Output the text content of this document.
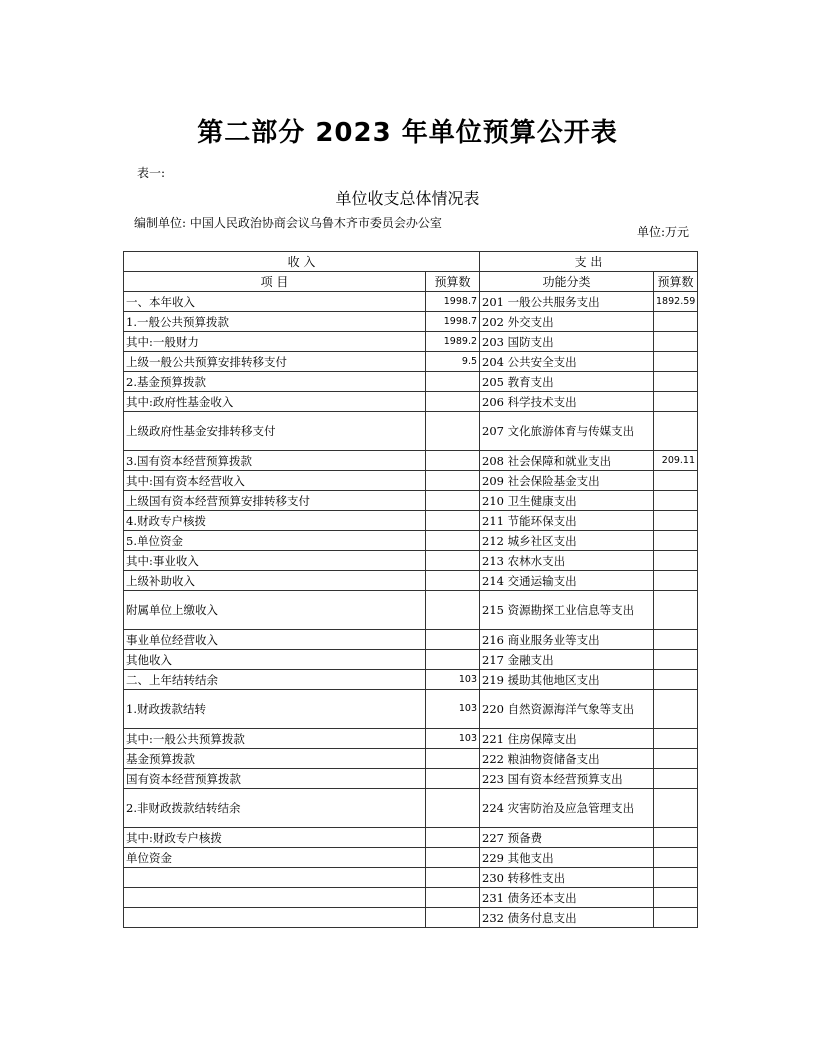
第二部分 2023 年单位预算公开表
表一:
单位收支总体情况表
编制单位: 中国人民政治协商会议乌鲁木齐市委员会办公室
单位:万元
收 入		支 出	
项 目	预算数	功能分类	预算数
一、本年收入	1998.7	201 一般公共服务支出	1892.59
1.一般公共预算拨款	1998.7	202 外交支出	
其中:一般财力	1989.2	203 国防支出	
上级一般公共预算安排转移支付	9.5	204 公共安全支出	
2.基金预算拨款		205 教育支出	
其中:政府性基金收入		206 科学技术支出	
上级政府性基金安排转移支付		207 文化旅游体育与传媒支出	
3.国有资本经营预算拨款		208 社会保障和就业支出	209.11
其中:国有资本经营收入		209 社会保险基金支出	
上级国有资本经营预算安排转移支付		210 卫生健康支出	
4.财政专户核拨		211 节能环保支出	
5.单位资金		212 城乡社区支出	
其中:事业收入		213 农林水支出	
上级补助收入		214 交通运输支出	
附属单位上缴收入		215 资源勘探工业信息等支出	
事业单位经营收入		216 商业服务业等支出	
其他收入		217 金融支出	
二、上年结转结余	103	219 援助其他地区支出	
1.财政拨款结转	103	220 自然资源海洋气象等支出	
其中:一般公共预算拨款	103	221 住房保障支出	
基金预算拨款		222 粮油物资储备支出	
国有资本经营预算拨款		223 国有资本经营预算支出	
2.非财政拨款结转结余		224 灾害防治及应急管理支出	
其中:财政专户核拨		227 预备费	
单位资金		229 其他支出	
		230 转移性支出	
		231 债务还本支出	
		232 债务付息支出	
